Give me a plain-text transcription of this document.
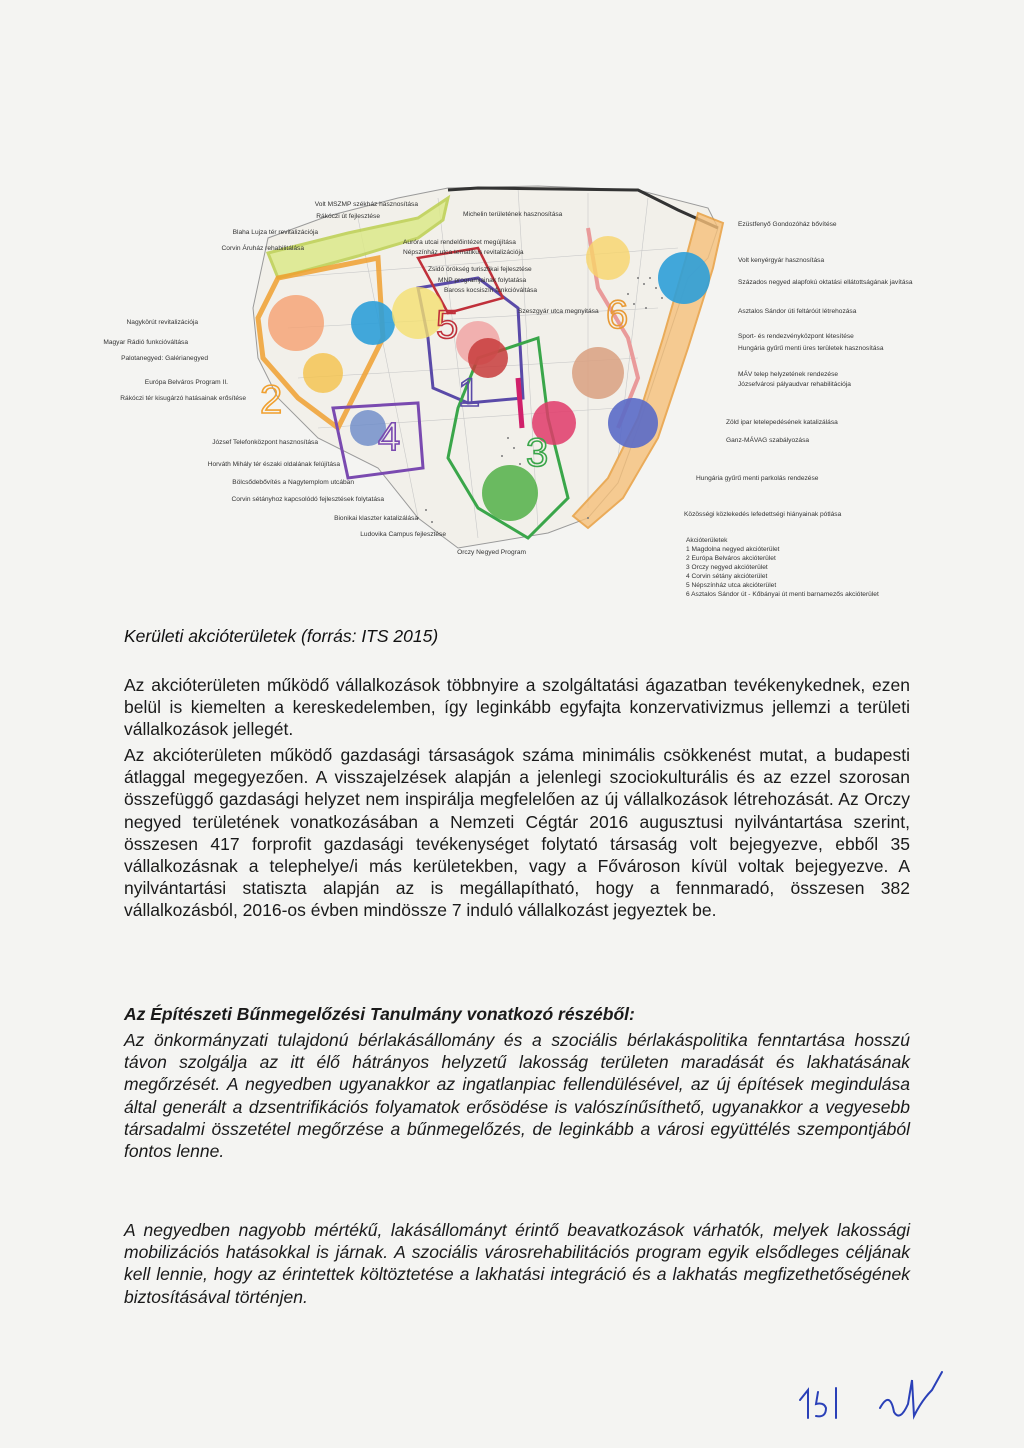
1
2
3
4
5	6
Volt MSZMP székház hasznosítása
Rákóczi út fejlesztése
Blaha Lujza tér revitalizációja
Corvin Áruház rehabilitálása
Nagykörút revitalizációja
Magyar Rádió funkcióváltása
Palotanegyed: Galérianegyed
Európa Belváros Program II.
Rákóczi tér kisugárzó hatásainak erősítése
József Telefonközpont hasznosítása
Horváth Mihály tér északi oldalának felújítása
Bölcsődebővítés a Nagytemplom utcában
Corvin sétányhoz kapcsolódó fejlesztések folytatása
Bionikai klaszter katalizálása
Ludovika Campus fejlesztése
Orczy Negyed Program
Michelin területének hasznosítása
Auróra utcai rendelőintézet megújítása
Népszínház utca tematikus revitalizációja
Zsidó örökség turisztikai fejlesztése
MNP programjainak folytatása
Baross kocsiszín funkcióváltása
Szeszgyár utca megnyitása
Ezüstfenyő Gondozóház bővítése
Volt kenyérgyár hasznosítása
Százados negyed alapfokú oktatási ellátottságának javítása
Asztalos Sándor úti feltáróút létrehozása
Sport- és rendezvényközpont létesítése
Hungária gyűrű menti üres területek hasznosítása
MÁV telep helyzetének rendezése
Józsefvárosi pályaudvar rehabilitációja
Zöld ipar letelepedésének katalizálása
Ganz-MÁVAG szabályozása
Hungária gyűrű menti parkolás rendezése
Közösségi közlekedés lefedettségi hiányainak pótlása
Akcióterületek
1 Magdolna negyed akcióterület
2 Európa Belváros akcióterület
3 Orczy negyed akcióterület
4 Corvin sétány akcióterület
5 Népszínház utca akcióterület
6 Asztalos Sándor út - Kőbányai út menti barnamezős akcióterület
Kerületi akcióterületek (forrás: ITS 2015)

Az akcióterületen működő vállalkozások többnyire a szolgáltatási ágazatban tevékenykednek, ezen belül is kiemelten a kereskedelemben, így leginkább egyfajta konzervativizmus jellemzi a területi vállalkozások jellegét.

Az akcióterületen működő gazdasági társaságok száma minimális csökkenést mutat, a budapesti átlaggal megegyezően. A visszajelzések alapján a jelenlegi szociokulturális és az ezzel szorosan összefüggő gazdasági helyzet nem inspirálja megfelelően az új vállalkozások létrehozását. Az Orczy negyed területének vonatkozásában a Nemzeti Cégtár 2016 augusztusi nyilvántartása szerint, összesen 417 forprofit gazdasági tevékenységet folytató társaság volt bejegyezve, ebből 35 vállalkozásnak a telephelye/i más kerületekben, vagy a Fővároson kívül voltak bejegyezve. A nyilvántartási statiszta alapján az is megállapítható, hogy a fennmaradó, összesen 382 vállalkozásból, 2016-os évben mindössze 7 induló vállalkozást jegyeztek be.

Az Építészeti Bűnmegelőzési Tanulmány vonatkozó részéből:

Az önkormányzati tulajdonú bérlakásállomány és a szociális bérlakáspolitika fenntartása hosszú távon szolgálja az itt élő hátrányos helyzetű lakosság területen maradását és lakhatásának megőrzését. A negyedben ugyanakkor az ingatlanpiac fellendülésével, az új építések megindulása által generált a dzsentrifikációs folyamatok erősödése is valószínűsíthető, ugyanakkor a vegyesebb társadalmi összetétel megőrzése a bűnmegelőzés, de leginkább a városi együttélés szempontjából fontos lenne.

A negyedben nagyobb mértékű, lakásállományt érintő beavatkozások várhatók, melyek lakossági mobilizációs hatásokkal is járnak. A szociális városrehabilitációs program egyik elsődleges céljának kell lennie, hogy az érintettek költöztetése a lakhatási integráció és a lakhatás megfizethetőségének biztosításával történjen.
